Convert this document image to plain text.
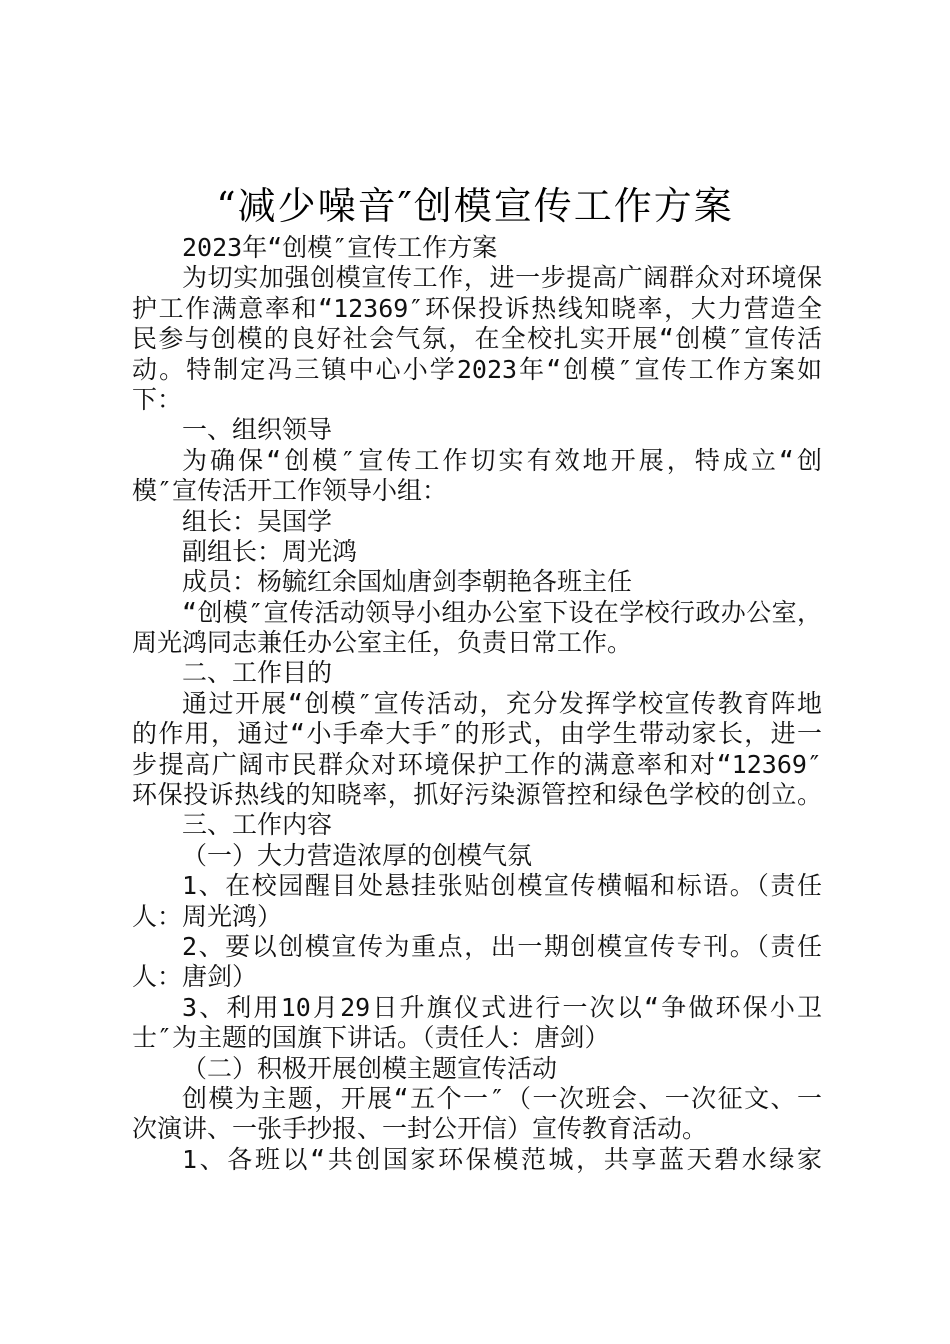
“减少噪音″创模宣传工作方案
2023年“创模″宣传工作方案
为切实加强创模宣传工作，进一步提高广阔群众对环境保
护工作满意率和“12369″环保投诉热线知晓率，大力营造全
民参与创模的良好社会气氛，在全校扎实开展“创模″宣传活
动。特制定冯三镇中心小学2023年“创模″宣传工作方案如
下：
一、组织领导
为确保“创模″宣传工作切实有效地开展，特成立“创
模″宣传活开工作领导小组：
组长：吴国学
副组长：周光鸿
成员：杨毓红余国灿唐剑李朝艳各班主任
“创模″宣传活动领导小组办公室下设在学校行政办公室，
周光鸿同志兼任办公室主任，负责日常工作。
二、工作目的
通过开展“创模″宣传活动，充分发挥学校宣传教育阵地
的作用，通过“小手牵大手″的形式，由学生带动家长，进一
步提高广阔市民群众对环境保护工作的满意率和对“12369″
环保投诉热线的知晓率，抓好污染源管控和绿色学校的创立。
三、工作内容
（一）大力营造浓厚的创模气氛
1、在校园醒目处悬挂张贴创模宣传横幅和标语。（责任
人：周光鸿）
2、要以创模宣传为重点，出一期创模宣传专刊。（责任
人：唐剑）
3、利用10月29日升旗仪式进行一次以“争做环保小卫
士″为主题的国旗下讲话。（责任人：唐剑）
（二）积极开展创模主题宣传活动
创模为主题，开展“五个一″（一次班会、一次征文、一
次演讲、一张手抄报、一封公开信）宣传教育活动。
1、各班以“共创国家环保模范城，共享蓝天碧水绿家
